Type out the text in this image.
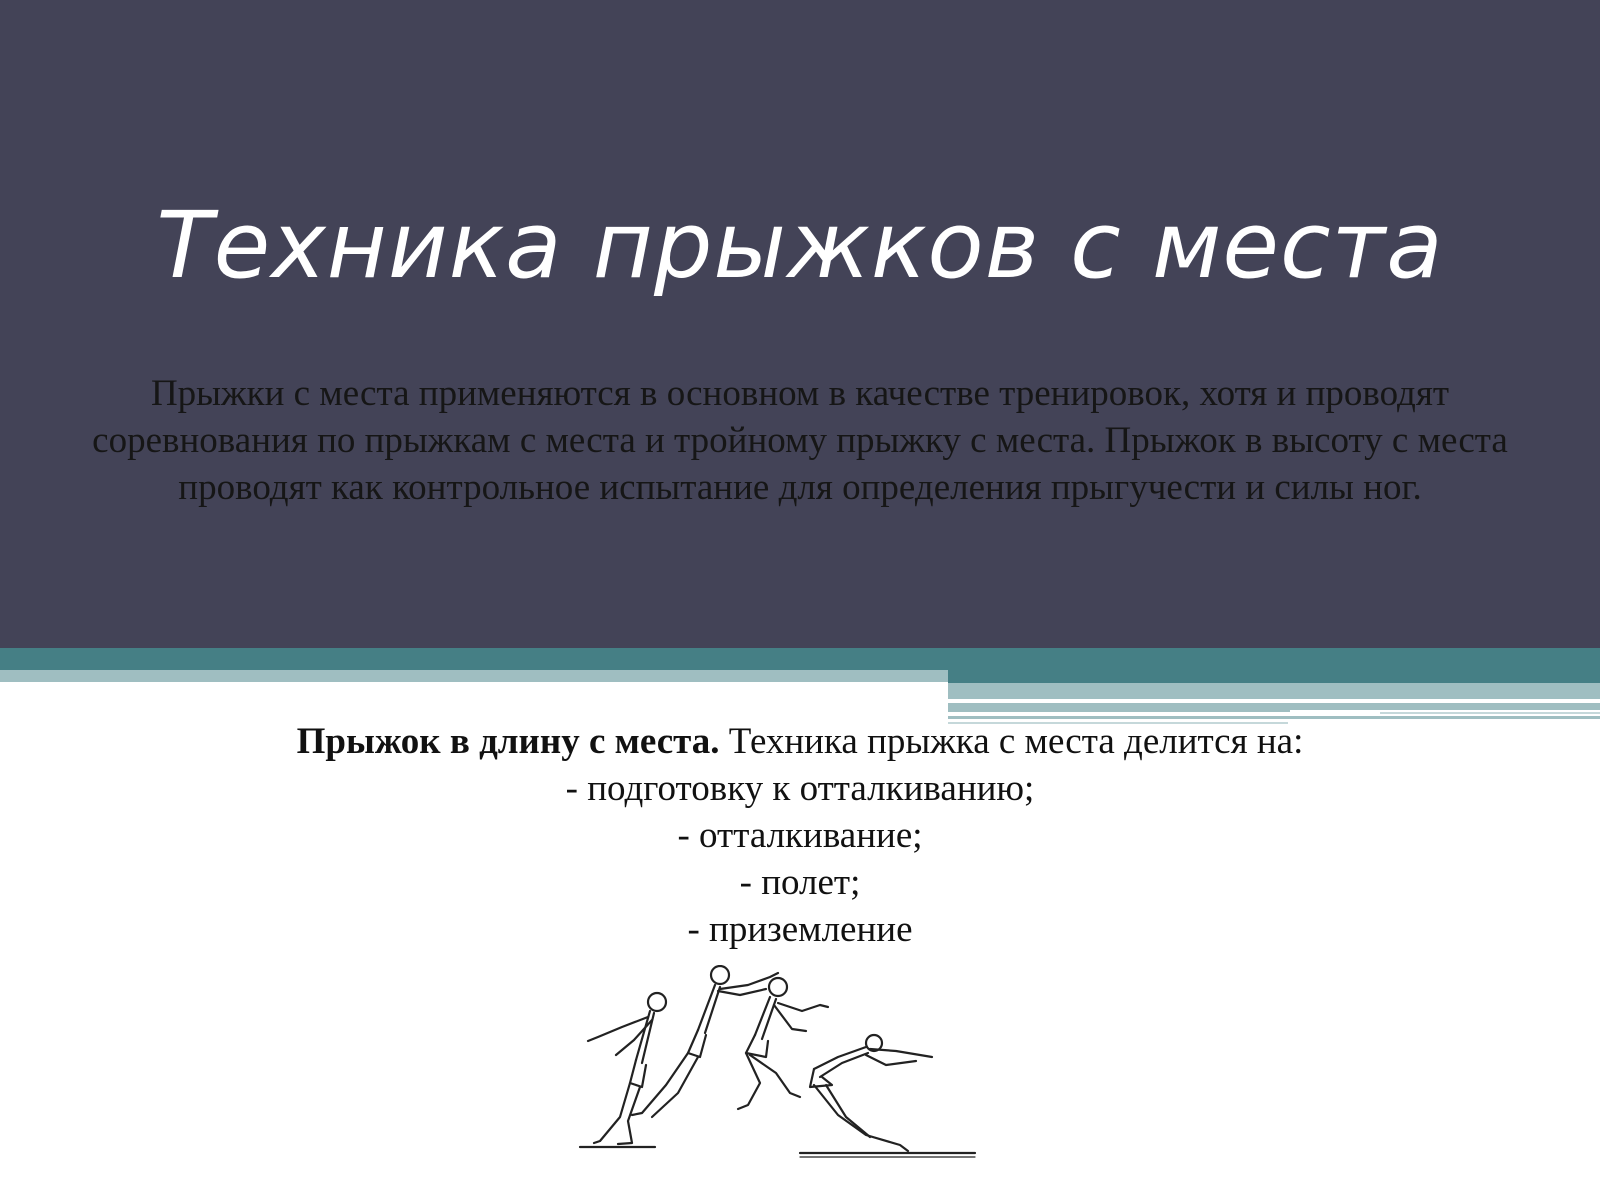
Техника прыжков с места

Прыжки с места применяются в основном в качестве тренировок, хотя и проводят соревнования по прыжкам с места и тройному прыжку с места. Прыжок в высоту с места проводят как контрольное испытание для определения прыгучести и силы ног.

Прыжок в длину с места. Техника прыжка с места делится на:
- подготовку к отталкиванию;
- отталкивание;
- полет;
- приземление
